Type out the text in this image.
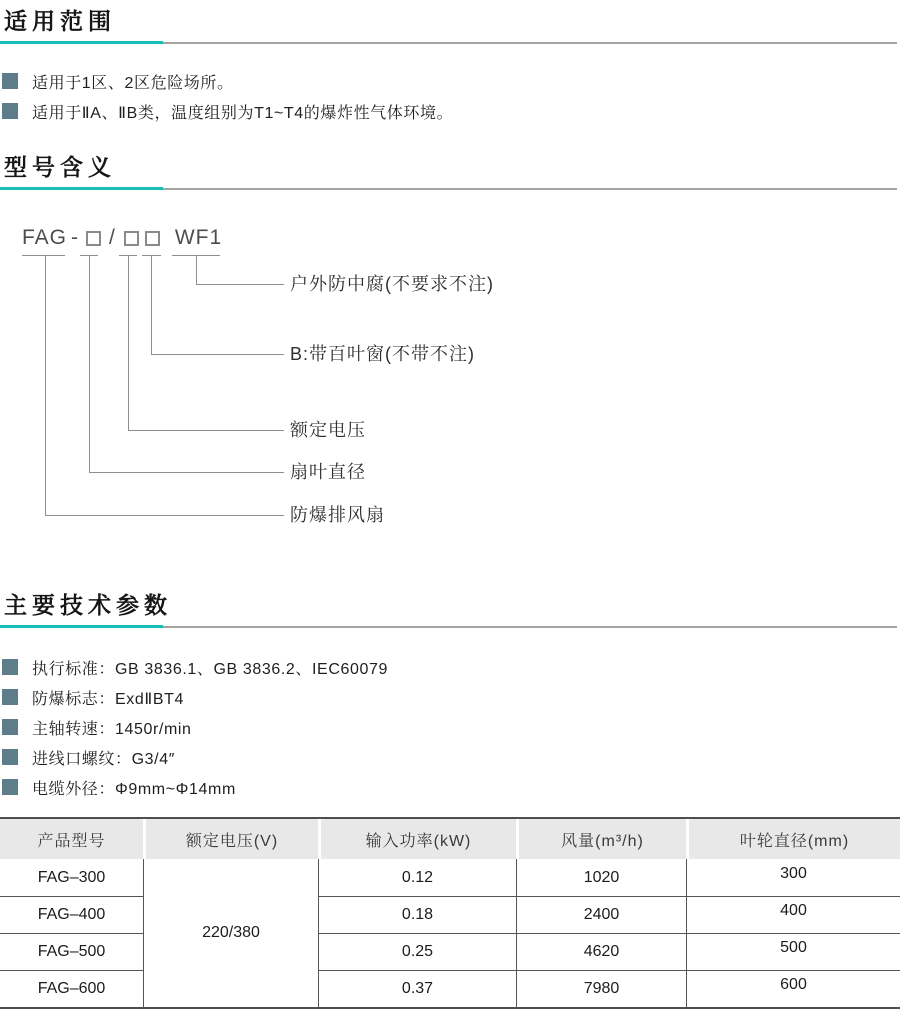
适用范围
适用于1区、2区危险场所。
适用于ⅡA、ⅡB类，温度组别为T1~T4的爆炸性气体环境。
型号含义
FAG - /	WF1
户外防中腐(不要求不注)
B:带百叶窗(不带不注)
额定电压
扇叶直径
防爆排风扇
主要技术参数
执行标准：GB 3836.1、GB 3836.2、IEC60079
防爆标志：ExdⅡBT4
主轴转速：1450r/min
进线口螺纹：G3/4″
电缆外径：Φ9mm~Φ14mm
产品型号	额定电压(V)	输入功率(kW)	风量(m³/h)	叶轮直径(mm)
FAG–300	220/380	0.12	1020	300
FAG–400		0.18	2400	400
FAG–500		0.25	4620	500
FAG–600		0.37	7980	600
